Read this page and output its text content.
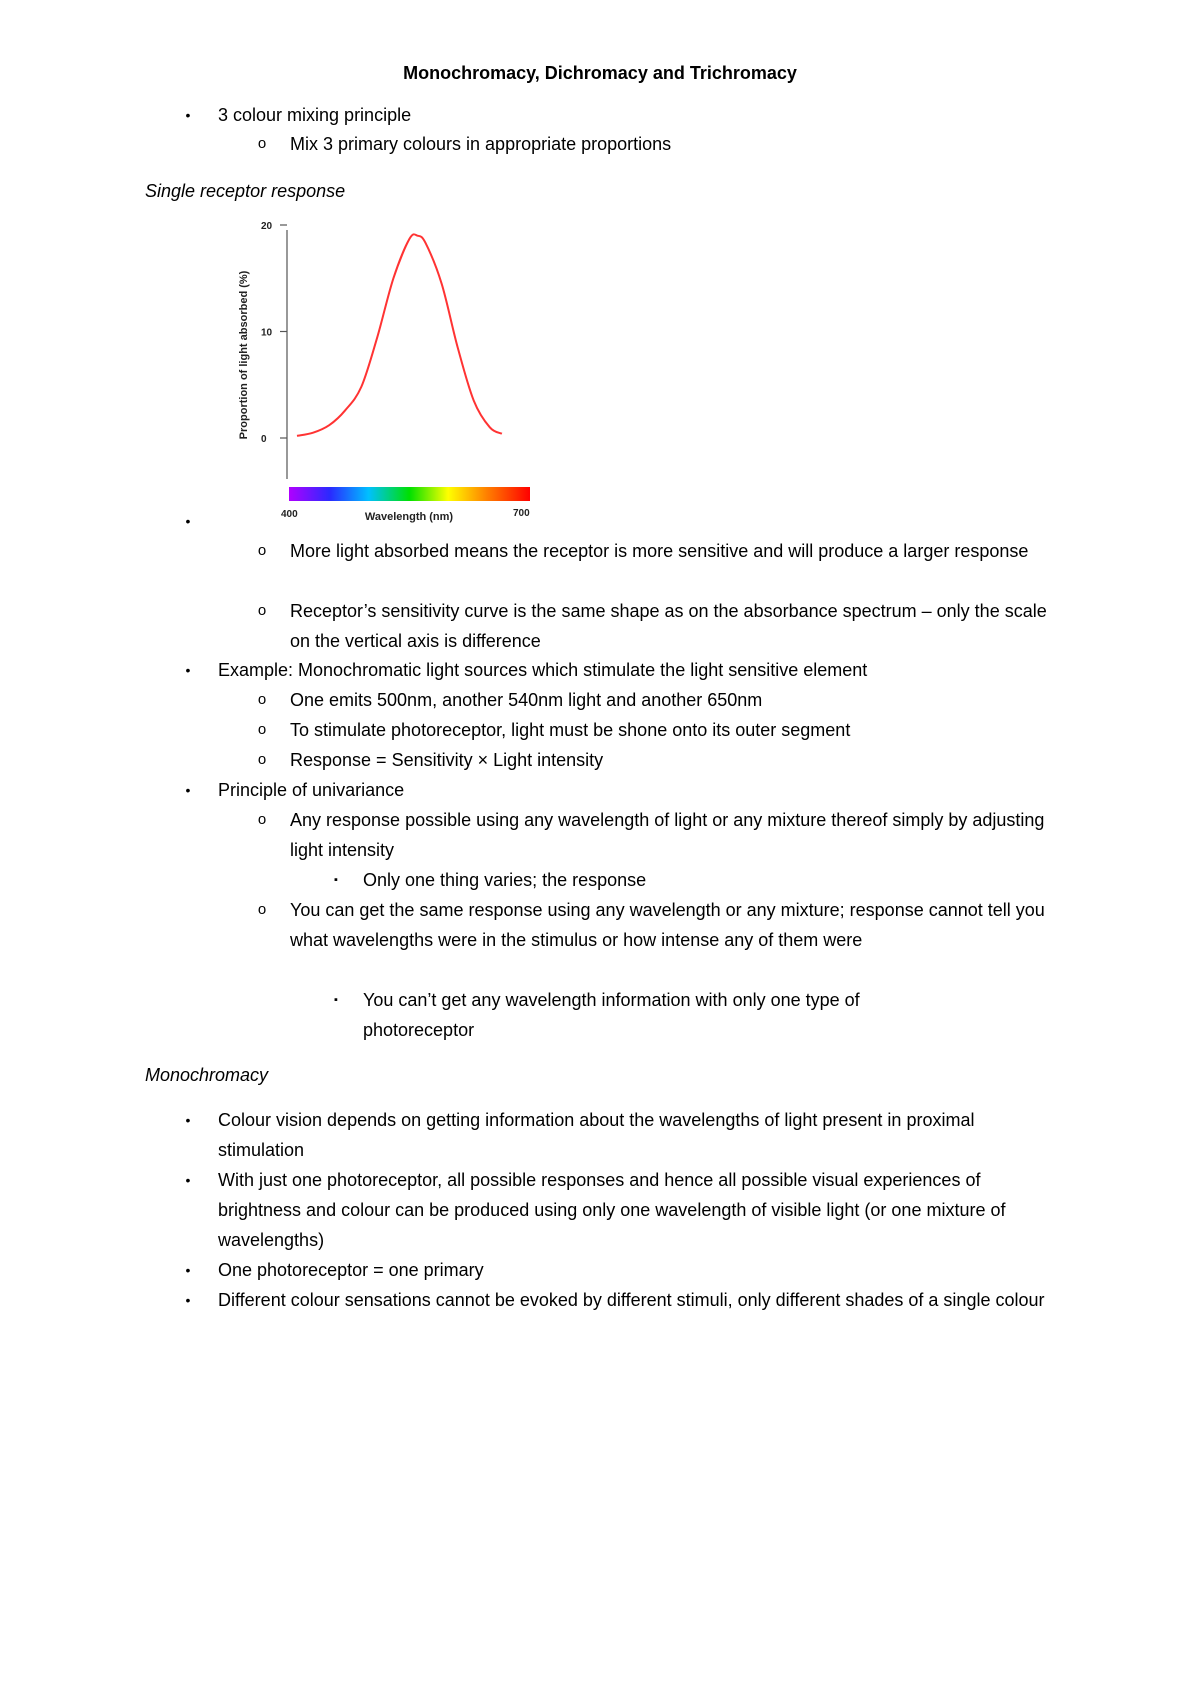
Monochromacy, Dichromacy and Trichromacy
•	3 colour mixing principle
o	Mix 3 primary colours in appropriate proportions
Single receptor response
0
10
20
Proportion of light absorbed (%)
400	700
Wavelength (nm)
•
o	More light absorbed means the receptor is more sensitive and will produce a larger response
o	Receptor’s sensitivity curve is the same shape as on the absorbance spectrum – only the scale on the vertical axis is difference
•	Example: Monochromatic light sources which stimulate the light sensitive element
o	One emits 500nm, another 540nm light and another 650nm
o	To stimulate photoreceptor, light must be shone onto its outer segment
o	Response = Sensitivity × Light intensity
•	Principle of univariance
o	Any response possible using any wavelength of light or any mixture thereof simply by adjusting light intensity
▪	Only one thing varies; the response
o	You can get the same response using any wavelength or any mixture; response cannot tell you what wavelengths were in the stimulus or how intense any of them were
▪	You can’t get any wavelength information with only one type of photoreceptor
Monochromacy
•	Colour vision depends on getting information about the wavelengths of light present in proximal stimulation
•	With just one photoreceptor, all possible responses and hence all possible visual experiences of brightness and colour can be produced using only one wavelength of visible light (or one mixture of wavelengths)
•	One photoreceptor = one primary
•	Different colour sensations cannot be evoked by different stimuli, only different shades of a single colour
